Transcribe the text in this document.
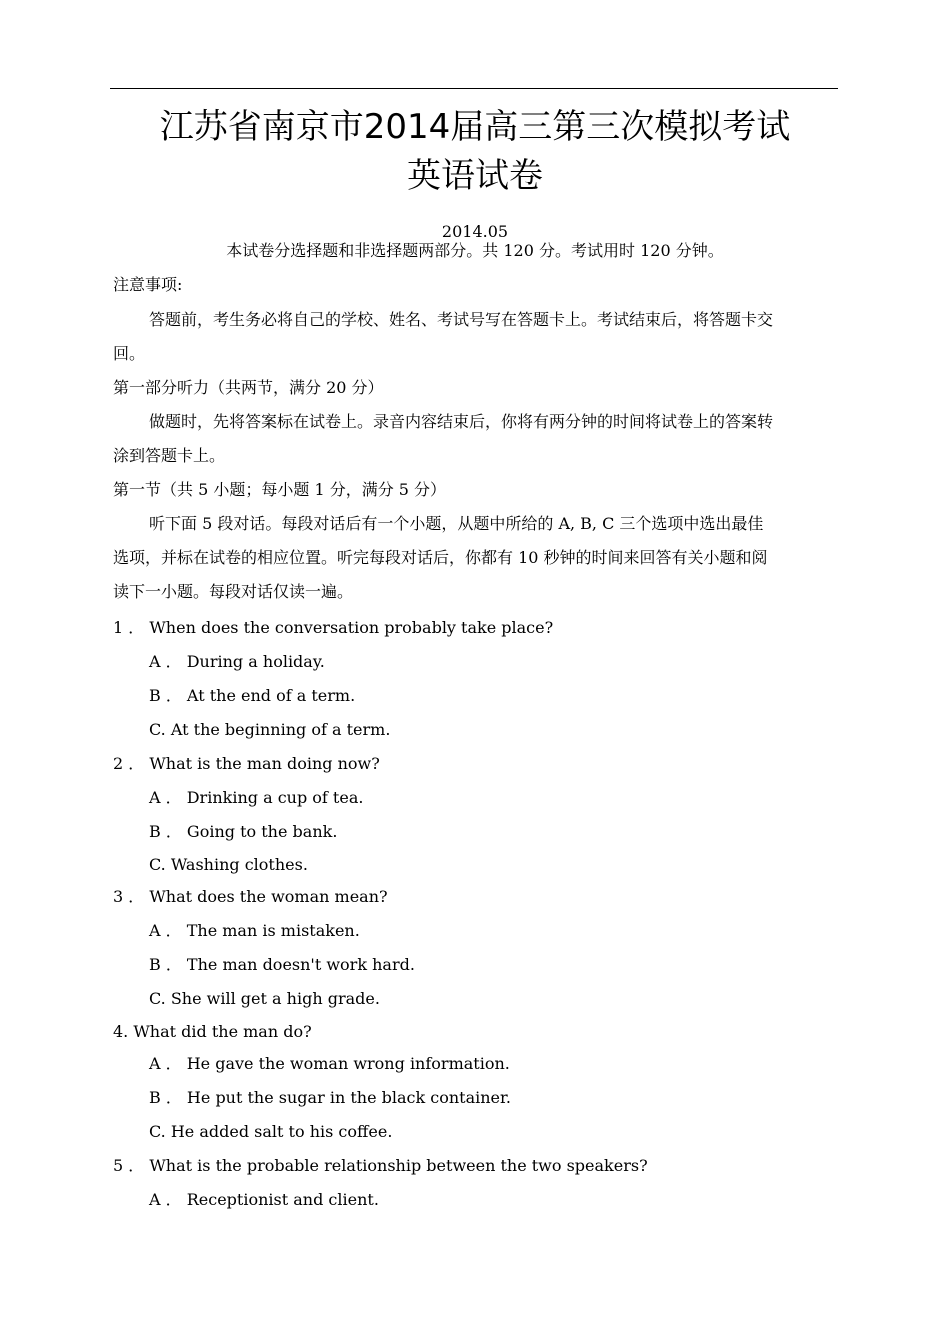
江苏省南京市2014届高三第三次模拟考试
英语试卷
2014.05
本试卷分选择题和非选择题两部分。共 120 分。考试用时 120 分钟。
注意事项:
答题前，考生务必将自己的学校、姓名、考试号写在答题卡上。考试结束后，将答题卡交
回。
第一部分听力（共两节，满分 20 分）
做题时，先将答案标在试卷上。录音内容结束后，你将有两分钟的时间将试卷上的答案转
涂到答题卡上。
第一节（共 5 小题；每小题 1 分，满分 5 分）
听下面 5 段对话。每段对话后有一个小题，从题中所给的 A, B, C 三个选项中选出最佳
选项，并标在试卷的相应位置。听完每段对话后，你都有 10 秒钟的时间来回答有关小题和阅
读下一小题。每段对话仅读一遍。
1 ． When does the conversation probably take place?
A ． During a holiday.
B ． At the end of a term.
C. At the beginning of a term.
2 ． What is the man doing now?
A ． Drinking a cup of tea.
B ． Going to the bank.
C. Washing clothes.
3 ． What does the woman mean?
A ． The man is mistaken.
B ． The man doesn't work hard.
C. She will get a high grade.
4. What did the man do?
A ． He gave the woman wrong information.
B ． He put the sugar in the black container.
C. He added salt to his coffee.
5 ． What is the probable relationship between the two speakers?
A ． Receptionist and client.
